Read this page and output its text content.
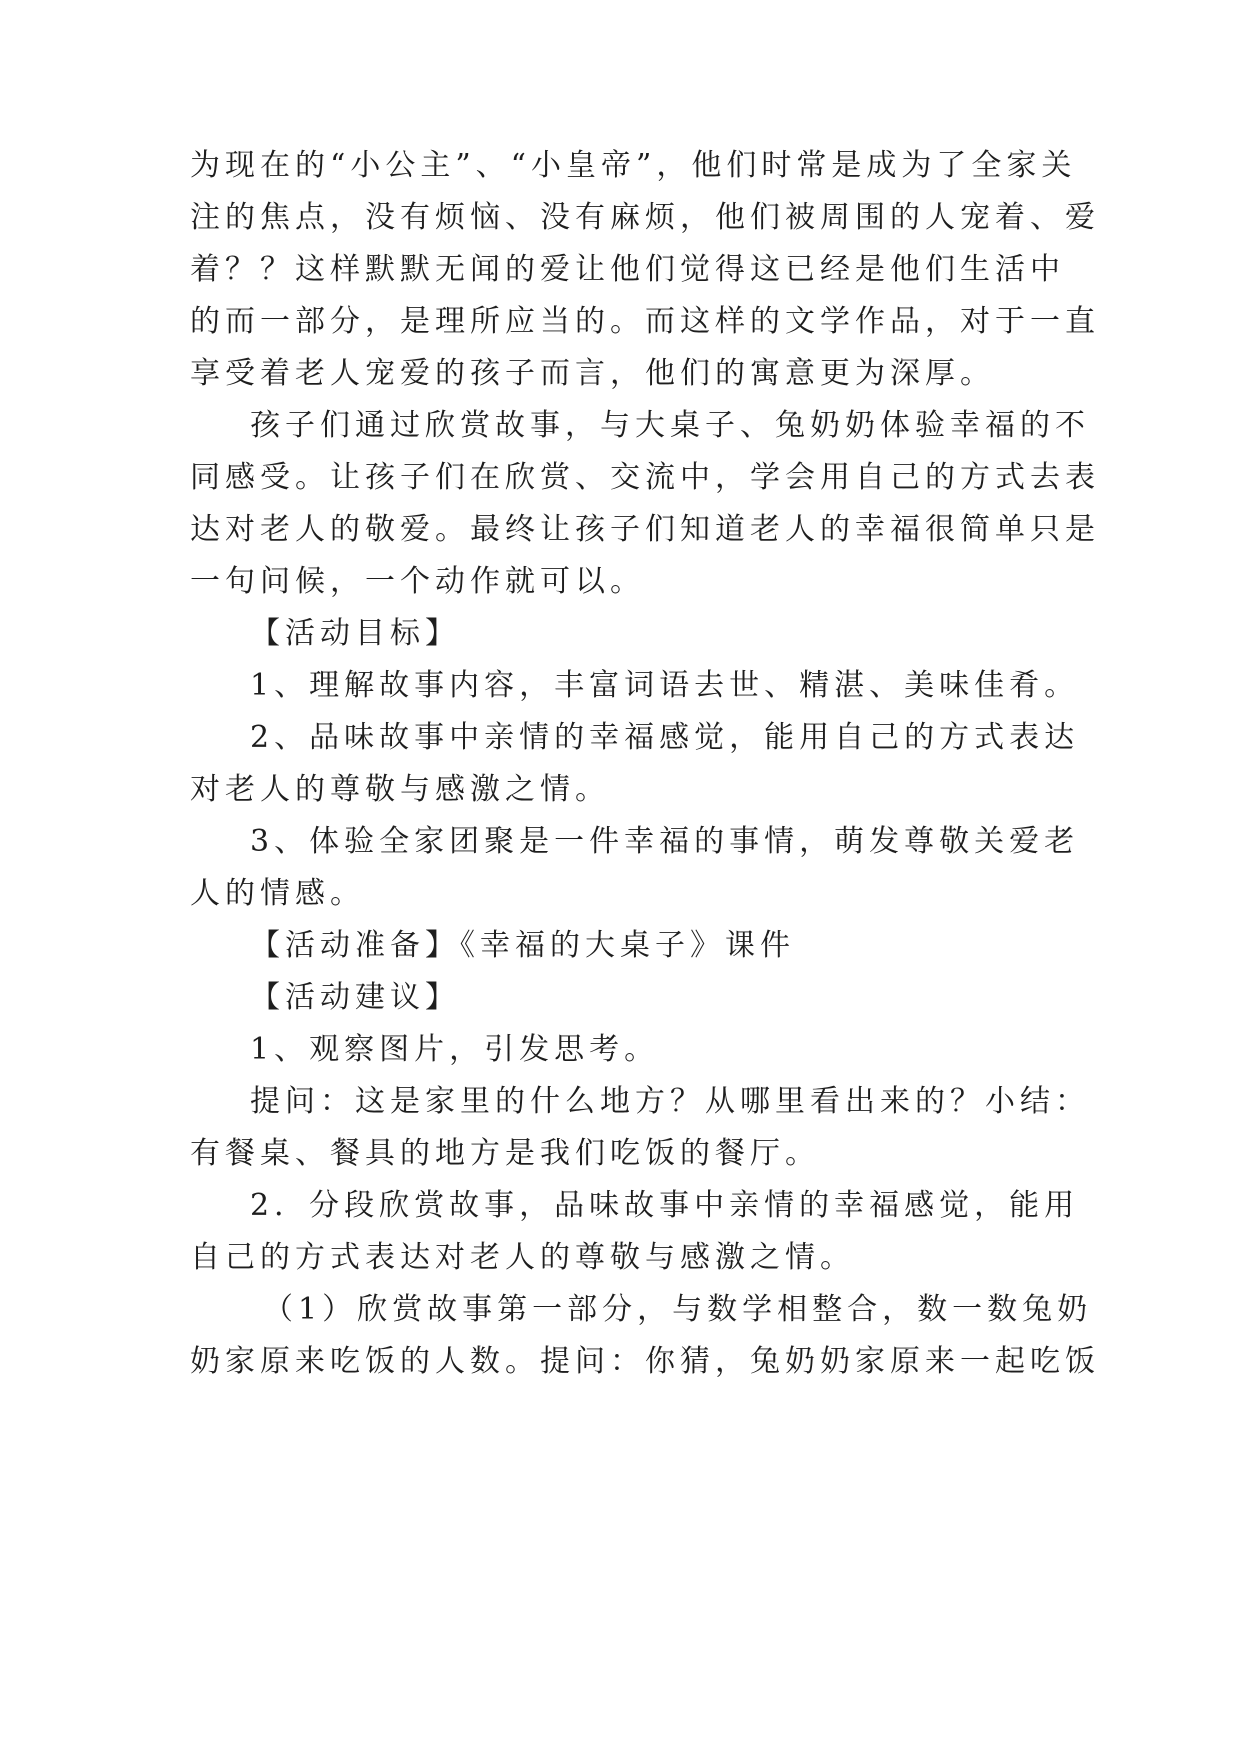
为现在的“小公主”、“小皇帝”，他们时常是成为了全家关
注的焦点，没有烦恼、没有麻烦，他们被周围的人宠着、爱
着？？这样默默无闻的爱让他们觉得这已经是他们生活中
的而一部分，是理所应当的。而这样的文学作品，对于一直
享受着老人宠爱的孩子而言，他们的寓意更为深厚。
孩子们通过欣赏故事，与大桌子、兔奶奶体验幸福的不
同感受。让孩子们在欣赏、交流中，学会用自己的方式去表
达对老人的敬爱。最终让孩子们知道老人的幸福很简单只是
一句问候，一个动作就可以。
【活动目标】
1、理解故事内容，丰富词语去世、精湛、美味佳肴。
2、品味故事中亲情的幸福感觉，能用自己的方式表达
对老人的尊敬与感激之情。
3、体验全家团聚是一件幸福的事情，萌发尊敬关爱老
人的情感。
【活动准备】《幸福的大桌子》课件
【活动建议】
1、观察图片，引发思考。
提问：这是家里的什么地方？从哪里看出来的？小结：
有餐桌、餐具的地方是我们吃饭的餐厅。
2．分段欣赏故事，品味故事中亲情的幸福感觉，能用
自己的方式表达对老人的尊敬与感激之情。
（1）欣赏故事第一部分，与数学相整合，数一数兔奶
奶家原来吃饭的人数。提问：你猜，兔奶奶家原来一起吃饭
